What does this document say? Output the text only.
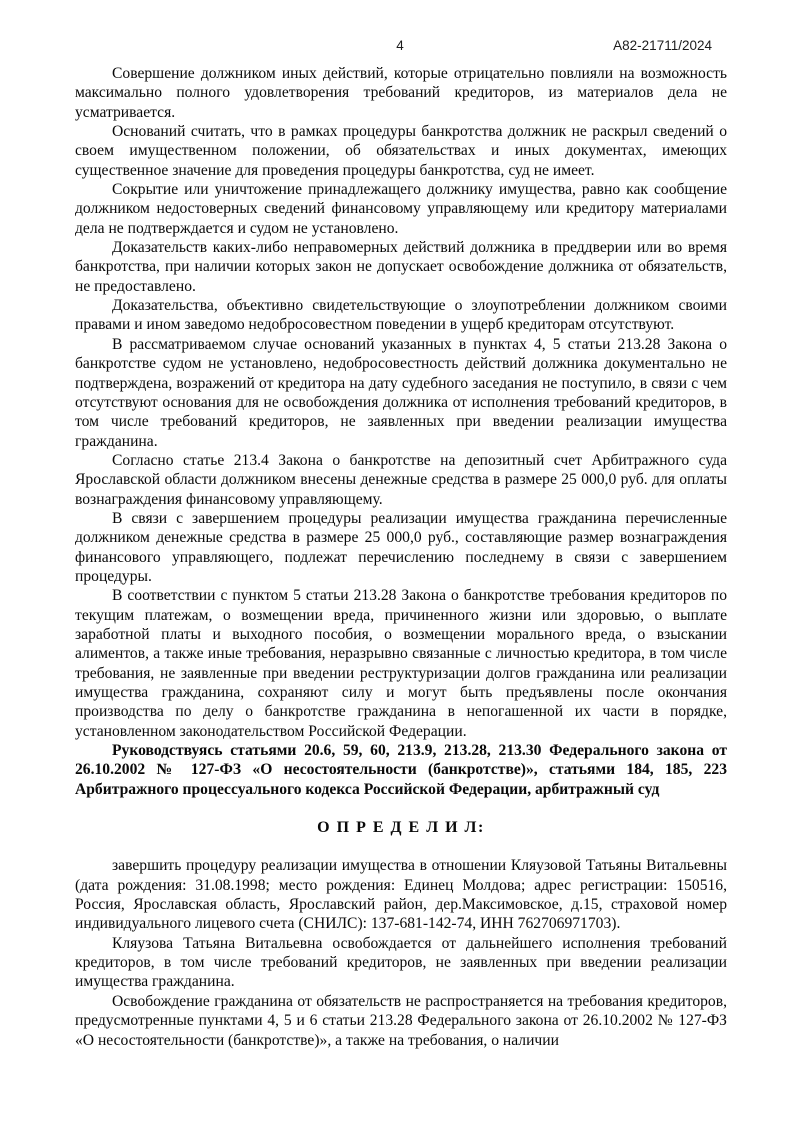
4	А82-21711/2024

Совершение должником иных действий, которые отрицательно повлияли на возможность максимально полного удовлетворения требований кредиторов, из материалов дела не усматривается.

Оснований считать, что в рамках процедуры банкротства должник не раскрыл сведений о своем имущественном положении, об обязательствах и иных документах, имеющих существенное значение для проведения процедуры банкротства, суд не имеет.

Сокрытие или уничтожение принадлежащего должнику имущества, равно как сообщение должником недостоверных сведений финансовому управляющему или кредитору материалами дела не подтверждается и судом не установлено.

Доказательств каких-либо неправомерных действий должника в преддверии или во время банкротства, при наличии которых закон не допускает освобождение должника от обязательств, не предоставлено.

Доказательства, объективно свидетельствующие о злоупотреблении должником своими правами и ином заведомо недобросовестном поведении в ущерб кредиторам отсутствуют.

В рассматриваемом случае оснований указанных в пунктах 4, 5 статьи 213.28 Закона о банкротстве судом не установлено, недобросовестность действий должника документально не подтверждена, возражений от кредитора на дату судебного заседания не поступило, в связи с чем отсутствуют основания для не освобождения должника от исполнения требований кредиторов, в том числе требований кредиторов, не заявленных при введении реализации имущества гражданина.

Согласно статье 213.4 Закона о банкротстве на депозитный счет Арбитражного суда Ярославской области должником внесены денежные средства в размере 25 000,0 руб. для оплаты вознаграждения финансовому управляющему.

В связи с завершением процедуры реализации имущества гражданина перечисленные должником денежные средства в размере 25 000,0 руб., составляющие размер вознаграждения финансового управляющего, подлежат перечислению последнему в связи с завершением процедуры.

В соответствии с пунктом 5 статьи 213.28 Закона о банкротстве требования кредиторов по текущим платежам, о возмещении вреда, причиненного жизни или здоровью, о выплате заработной платы и выходного пособия, о возмещении морального вреда, о взыскании алиментов, а также иные требования, неразрывно связанные с личностью кредитора, в том числе требования, не заявленные при введении реструктуризации долгов гражданина или реализации имущества гражданина, сохраняют силу и могут быть предъявлены после окончания производства по делу о банкротстве гражданина в непогашенной их части в порядке, установленном законодательством Российской Федерации.

Руководствуясь статьями 20.6, 59, 60, 213.9, 213.28, 213.30 Федерального закона от 26.10.2002 № 127-ФЗ «О несостоятельности (банкротстве)», статьями 184, 185, 223 Арбитражного процессуального кодекса Российской Федерации, арбитражный суд

О П Р Е Д Е Л И Л:

завершить процедуру реализации имущества в отношении Кляузовой Татьяны Витальевны (дата рождения: 31.08.1998; место рождения: Единец Молдова; адрес регистрации: 150516, Россия, Ярославская область, Ярославский район, дер.Максимовское, д.15, страховой номер индивидуального лицевого счета (СНИЛС): 137-681-142-74, ИНН 762706971703).

Кляузова Татьяна Витальевна освобождается от дальнейшего исполнения требований кредиторов, в том числе требований кредиторов, не заявленных при введении реализации имущества гражданина.

Освобождение гражданина от обязательств не распространяется на требования кредиторов, предусмотренные пунктами 4, 5 и 6 статьи 213.28 Федерального закона от 26.10.2002 № 127-ФЗ «О несостоятельности (банкротстве)», а также на требования, о наличии
